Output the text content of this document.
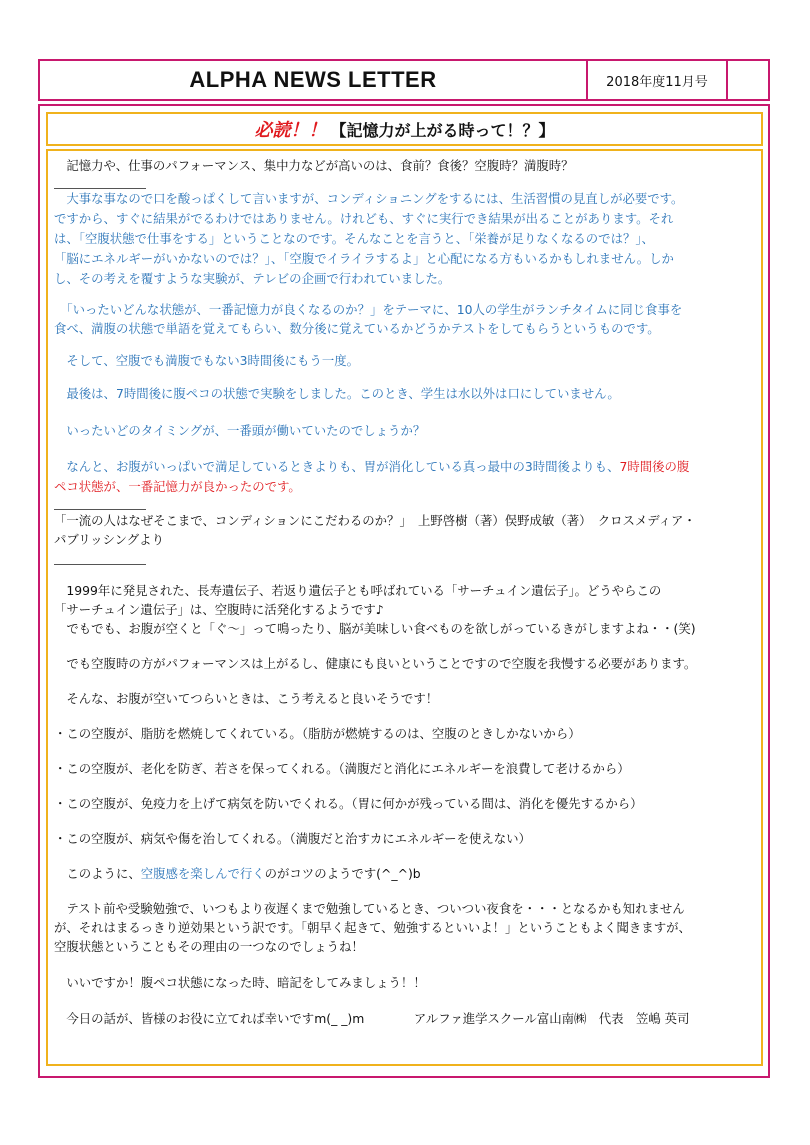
ALPHA NEWS LETTER	2018年度11月号
必読！！ 【記憶力が上がる時って！？】
　記憶力や、仕事のパフォーマンス、集中力などが高いのは、食前？食後？空腹時？満腹時？
　大事な事なので口を酸っぱくして言いますが、コンディショニングをするには、生活習慣の見直しが必要です。
ですから、すぐに結果がでるわけではありません。けれども、すぐに実行でき結果が出ることがあります。それ
は、「空腹状態で仕事をする」ということなのです。そんなことを言うと、「栄養が足りなくなるのでは？」、
「脳にエネルギーがいかないのでは？」、「空腹でイライラするよ」と心配になる方もいるかもしれません。しか
し、その考えを覆すような実験が、テレビの企画で行われていました。
　「いったいどんな状態が、一番記憶力が良くなるのか？」をテーマに、10人の学生がランチタイムに同じ食事を
食べ、満腹の状態で単語を覚えてもらい、数分後に覚えているかどうかテストをしてもらうというものです。
　そして、空腹でも満腹でもない3時間後にもう一度。
　最後は、7時間後に腹ペコの状態で実験をしました。このとき、学生は水以外は口にしていません。
　いったいどのタイミングが、一番頭が働いていたのでしょうか？
　なんと、お腹がいっぱいで満足しているときよりも、胃が消化している真っ最中の3時間後よりも、7時間後の腹
ペコ状態が、一番記憶力が良かったのです。
「一流の人はなぜそこまで、コンディションにこだわるのか？」　上野啓樹（著）俣野成敏（著）　クロスメディア・
パブリッシングより
　1999年に発見された、長寿遺伝子、若返り遺伝子とも呼ばれている「サーチュイン遺伝子」。どうやらこの
「サーチュイン遺伝子」は、空腹時に活発化するようです♪
　でもでも、お腹が空くと「ぐ～」って鳴ったり、脳が美味しい食べものを欲しがっているきがしますよね・・(笑)
　でも空腹時の方がパフォーマンスは上がるし、健康にも良いということですので空腹を我慢する必要があります。
　そんな、お腹が空いてつらいときは、こう考えると良いそうです！
・この空腹が、脂肪を燃焼してくれている。（脂肪が燃焼するのは、空腹のときしかないから）
・この空腹が、老化を防ぎ、若さを保ってくれる。（満腹だと消化にエネルギーを浪費して老けるから）
・この空腹が、免疫力を上げて病気を防いでくれる。（胃に何かが残っている間は、消化を優先するから）
・この空腹が、病気や傷を治してくれる。（満腹だと治すカにエネルギーを使えない）
　このように、空腹感を楽しんで行くのがコツのようです(^_^)b
　テスト前や受験勉強で、いつもより夜遅くまで勉強しているとき、ついつい夜食を・・・となるかも知れません
が、それはまるっきり逆効果という訳です。「朝早く起きて、勉強するといいよ！」ということもよく聞きますが、
空腹状態ということもその理由の一つなのでしょうね！
　いいですか！腹ペコ状態になった時、暗記をしてみましょう！！
　今日の話が、皆様のお役に立てれば幸いですm(_ _)m　　　　アルファ進学スクール富山南㈱　代表　笠嶋 英司
